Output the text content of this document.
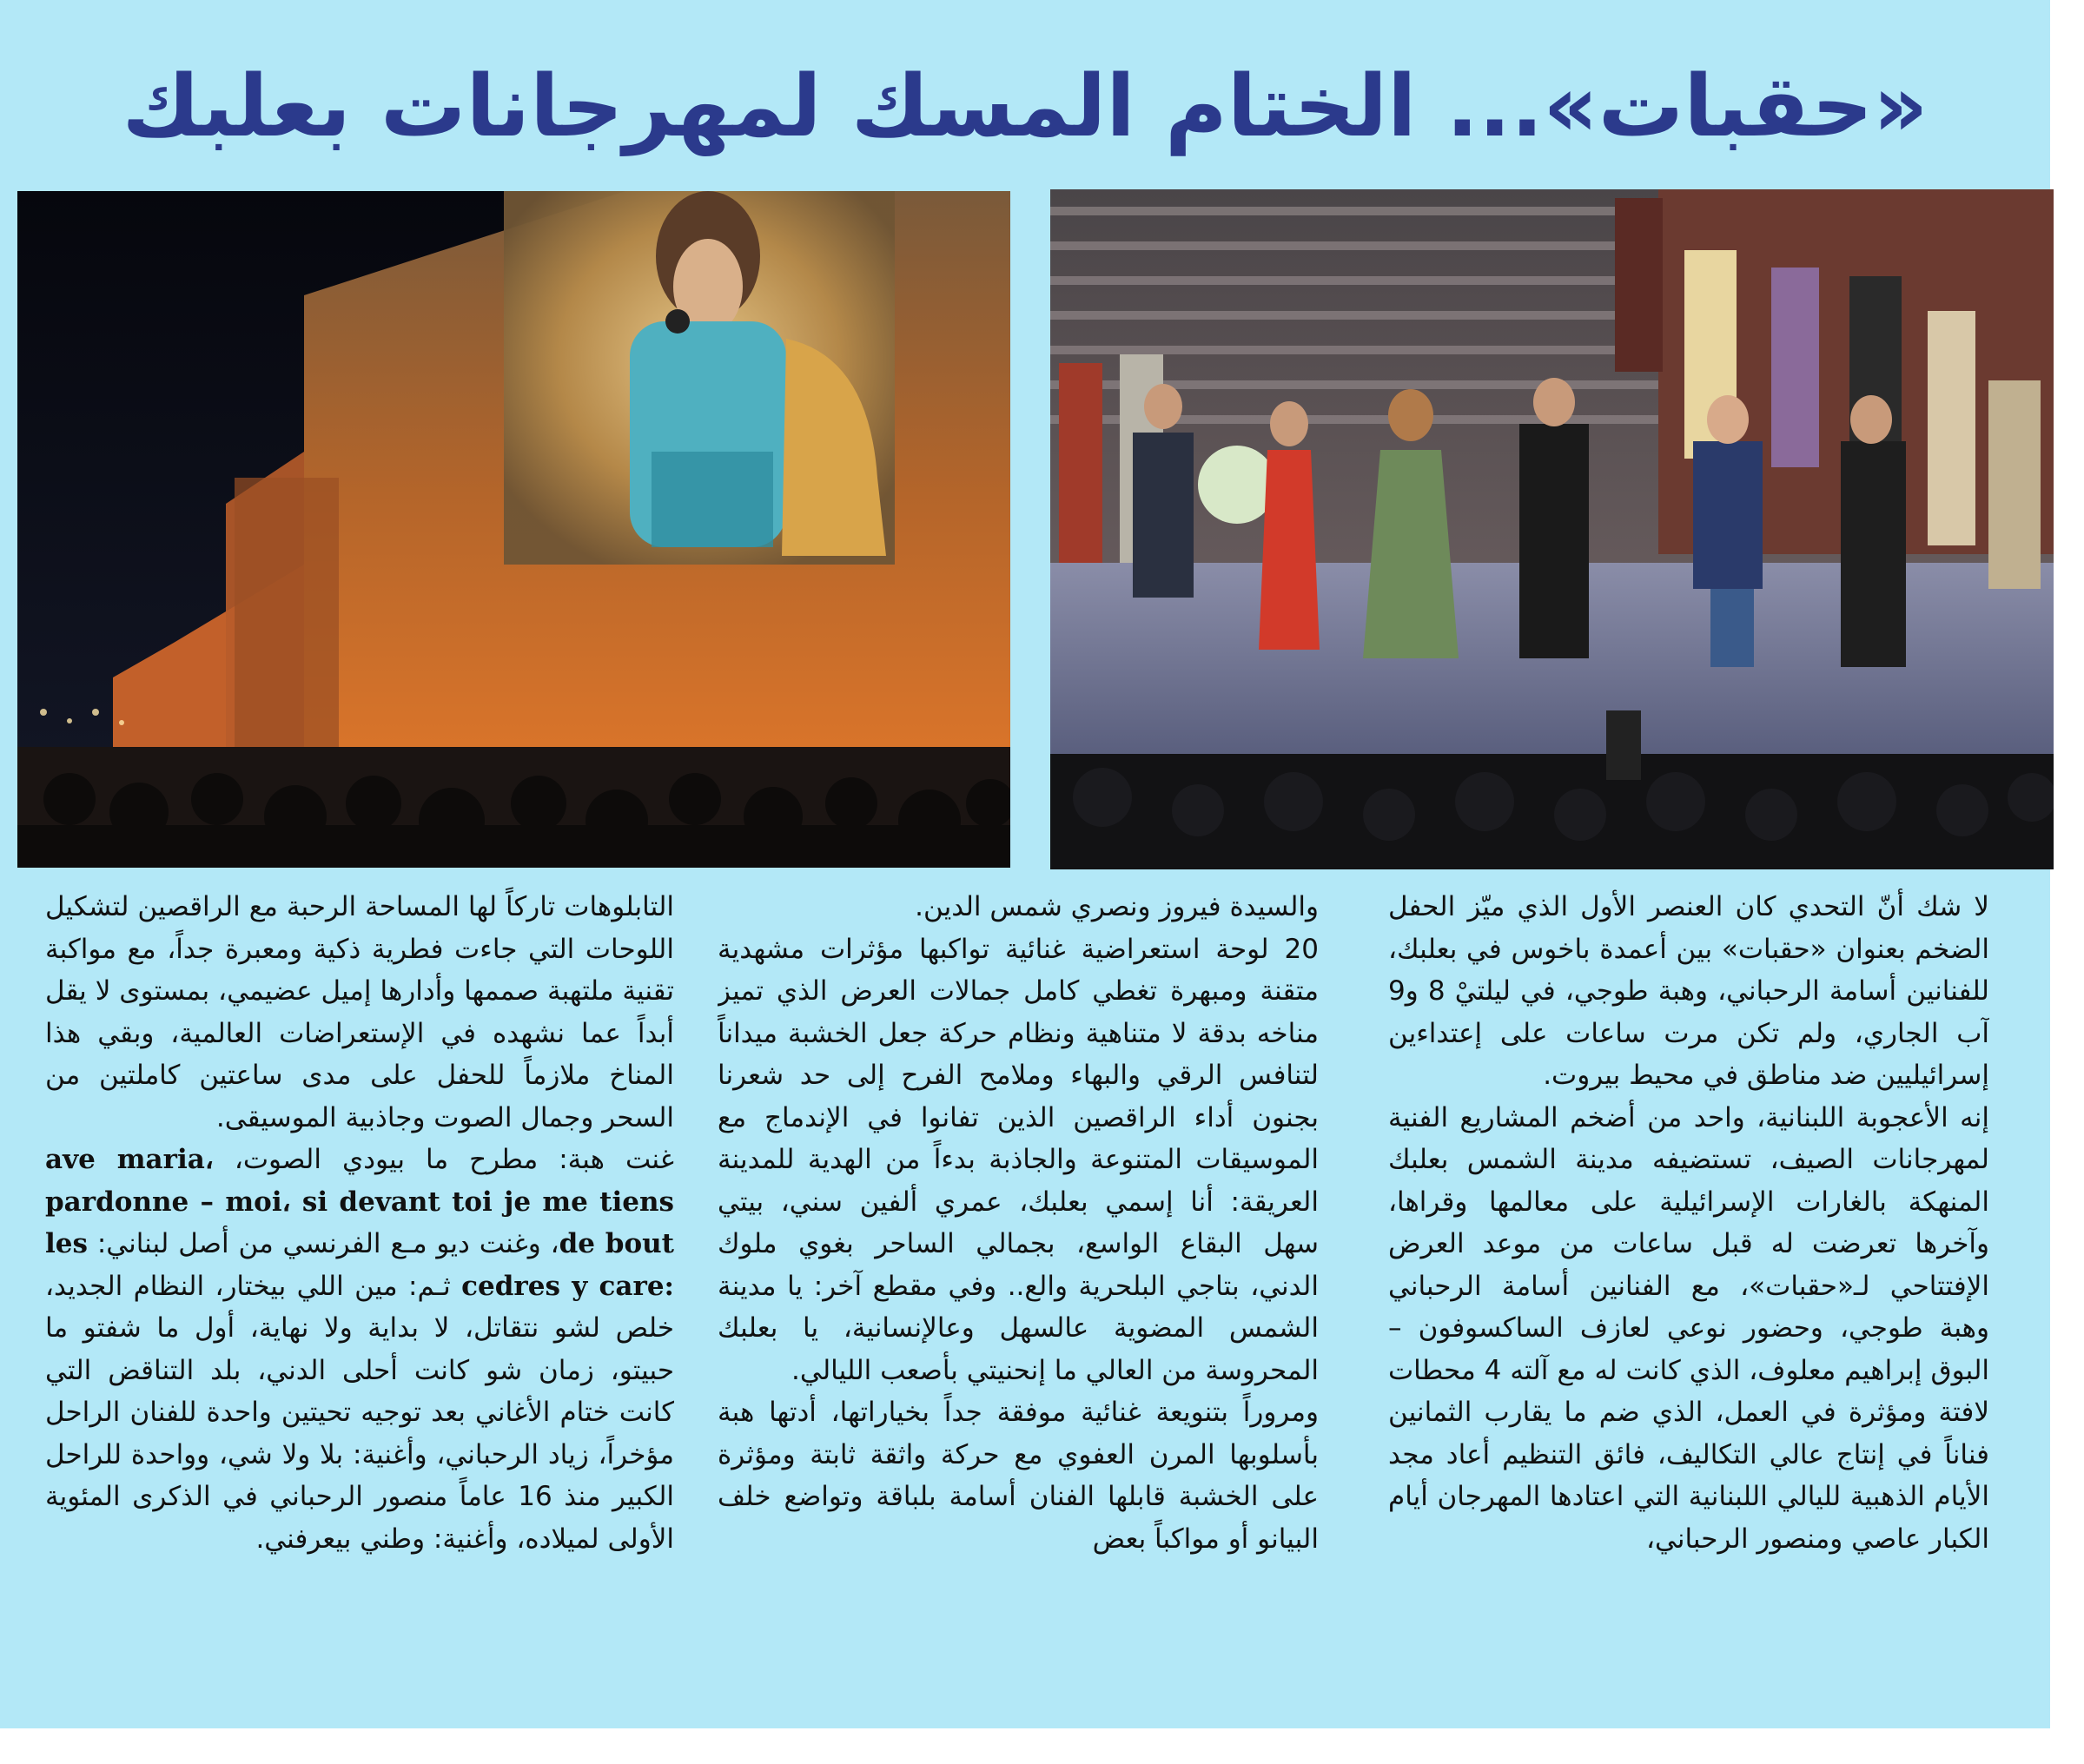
«حقبات»... الختام المسك لمهرجانات بعلبك

لا شك أنّ التحدي كان العنصر الأول الذي ميّز الحفل الضخم بعنوان «حقبات» بين أعمدة باخوس في بعلبك، للفنانين أسامة الرحباني، وهبة طوجي، في ليلتيْ 8 و9 آب الجاري، ولم تكن مرت ساعات على إعتداءين إسرائيليين ضد مناطق في محيط بيروت.

إنه الأعجوبة اللبنانية، واحد من أضخم المشاريع الفنية لمهرجانات الصيف، تستضيفه مدينة الشمس بعلبك المنهكة بالغارات الإسرائيلية على معالمها وقراها، وآخرها تعرضت له قبل ساعات من موعد العرض الإفتتاحي لـ«حقبات»، مع الفنانين أسامة الرحباني وهبة طوجي، وحضور نوعي لعازف الساكسوفون – البوق إبراهيم معلوف، الذي كانت له مع آلته 4 محطات لافتة ومؤثرة في العمل، الذي ضم ما يقارب الثمانين فناناً في إنتاج عالي التكاليف، فائق التنظيم أعاد مجد الأيام الذهبية لليالي اللبنانية التي اعتادها المهرجان أيام الكبار عاصي ومنصور الرحباني،

والسيدة فيروز ونصري شمس الدين.

20 لوحة استعراضية غنائية تواكبها مؤثرات مشهدية متقنة ومبهرة تغطي كامل جمالات العرض الذي تميز مناخه بدقة لا متناهية ونظام حركة جعل الخشبة ميداناً لتنافس الرقي والبهاء وملامح الفرح إلى حد شعرنا بجنون أداء الراقصين الذين تفانوا في الإندماج مع الموسيقات المتنوعة والجاذبة بدءاً من الهدية للمدينة العريقة: أنا إسمي بعلبك، عمري ألفين سني، بيتي سهل البقاع الواسع، بجمالي الساحر بغوي ملوك الدني، بتاجي البلحرية والع.. وفي مقطع آخر: يا مدينة الشمس المضوية عالسهل وعالإنسانية، يا بعلبك المحروسة من العالي ما إنحنيتي بأصعب الليالي.

ومروراً بتنويعة غنائية موفقة جداً بخياراتها، أدتها هبة بأسلوبها المرن العفوي مع حركة واثقة ثابتة ومؤثرة على الخشبة قابلها الفنان أسامة بلباقة وتواضع خلف البيانو أو مواكباً بعض

التابلوهات تاركاً لها المساحة الرحبة مع الراقصين لتشكيل اللوحات التي جاءت فطرية ذكية ومعبرة جداً، مع مواكبة تقنية ملتهبة صممها وأدارها إميل عضيمي، بمستوى لا يقل أبداً عما نشهده في الإستعراضات العالمية، وبقي هذا المناخ ملازماً للحفل على مدى ساعتين كاملتين من السحر وجمال الصوت وجاذبية الموسيقى.

غنت هبة: مطرح ما بيودي الصوت، ave maria، pardonne – moi، si devant toi je me tiens de bout، وغنت ديو مـع الفرنسي من أصل لبناني: les cedres y care: ثـم: مين اللي بيختار، النظام الجديد، خلص لشو نتقاتل، لا بداية ولا نهاية، أول ما شفتو ما حبيتو، زمان شو كانت أحلى الدني، بلد التناقض التي كانت ختام الأغاني بعد توجيه تحيتين واحدة للفنان الراحل مؤخراً، زياد الرحباني، وأغنية: بلا ولا شي، وواحدة للراحل الكبير منذ 16 عاماً منصور الرحباني في الذكرى المئوية الأولى لميلاده، وأغنية: وطني بيعرفني.
